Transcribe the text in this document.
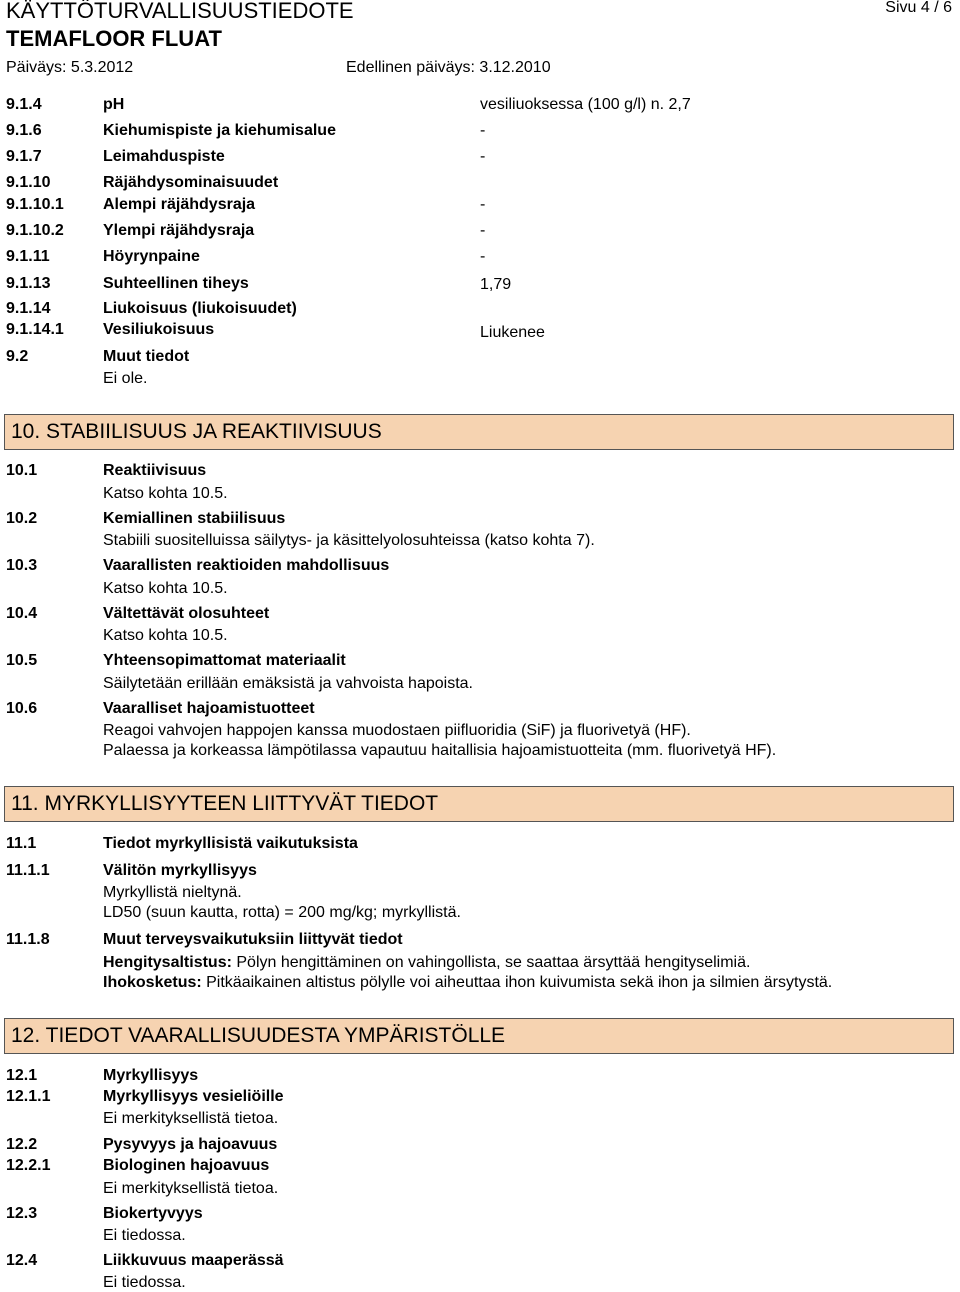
KÄYTTÖTURVALLISUUSTIEDOTE
TEMAFLOOR FLUAT
Sivu 4 / 6
Päiväys: 5.3.2012	Edellinen päiväys: 3.12.2010
9.1.4	pH	vesiliuoksessa (100 g/l) n. 2,7
9.1.6	Kiehumispiste ja kiehumisalue	-
9.1.7	Leimahduspiste	-
9.1.10	Räjähdysominaisuudet
9.1.10.1 Alempi räjähdysraja	-
9.1.10.2 Ylempi räjähdysraja	-
9.1.11	Höyrynpaine	-
9.1.13	Suhteellinen tiheys	1,79
9.1.14	Liukoisuus (liukoisuudet)
9.1.14.1 Vesiliukoisuus	Liukenee
9.2	Muut tiedot
Ei ole.
10. STABIILISUUS JA REAKTIIVISUUS
10.1	Reaktiivisuus
Katso kohta 10.5.
10.2	Kemiallinen stabiilisuus
Stabiili suositelluissa säilytys- ja käsittelyolosuhteissa (katso kohta 7).
10.3	Vaarallisten reaktioiden mahdollisuus
Katso kohta 10.5.
10.4	Vältettävät olosuhteet
Katso kohta 10.5.
10.5	Yhteensopimattomat materiaalit
Säilytetään erillään emäksistä ja vahvoista hapoista.
10.6	Vaaralliset hajoamistuotteet
Reagoi vahvojen happojen kanssa muodostaen piifluoridia (SiF) ja fluorivetyä (HF).
Palaessa ja korkeassa lämpötilassa vapautuu haitallisia hajoamistuotteita (mm. fluorivetyä HF).
11. MYRKYLLISYYTEEN LIITTYVÄT TIEDOT
11.1	Tiedot myrkyllisistä vaikutuksista
11.1.1	Välitön myrkyllisyys
Myrkyllistä nieltynä.
LD50 (suun kautta, rotta) = 200 mg/kg; myrkyllistä.
11.1.8	Muut terveysvaikutuksiin liittyvät tiedot
Hengitysaltistus: Pölyn hengittäminen on vahingollista, se saattaa ärsyttää hengityselimiä.
Ihokosketus: Pitkäaikainen altistus pölylle voi aiheuttaa ihon kuivumista sekä ihon ja silmien ärsytystä.
12. TIEDOT VAARALLISUUDESTA YMPÄRISTÖLLE
12.1	Myrkyllisyys
12.1.1	Myrkyllisyys vesieliöille
Ei merkityksellistä tietoa.
12.2	Pysyvyys ja hajoavuus
12.2.1	Biologinen hajoavuus
Ei merkityksellistä tietoa.
12.3	Biokertyvyys
Ei tiedossa.
12.4	Liikkuvuus maaperässä
Ei tiedossa.
